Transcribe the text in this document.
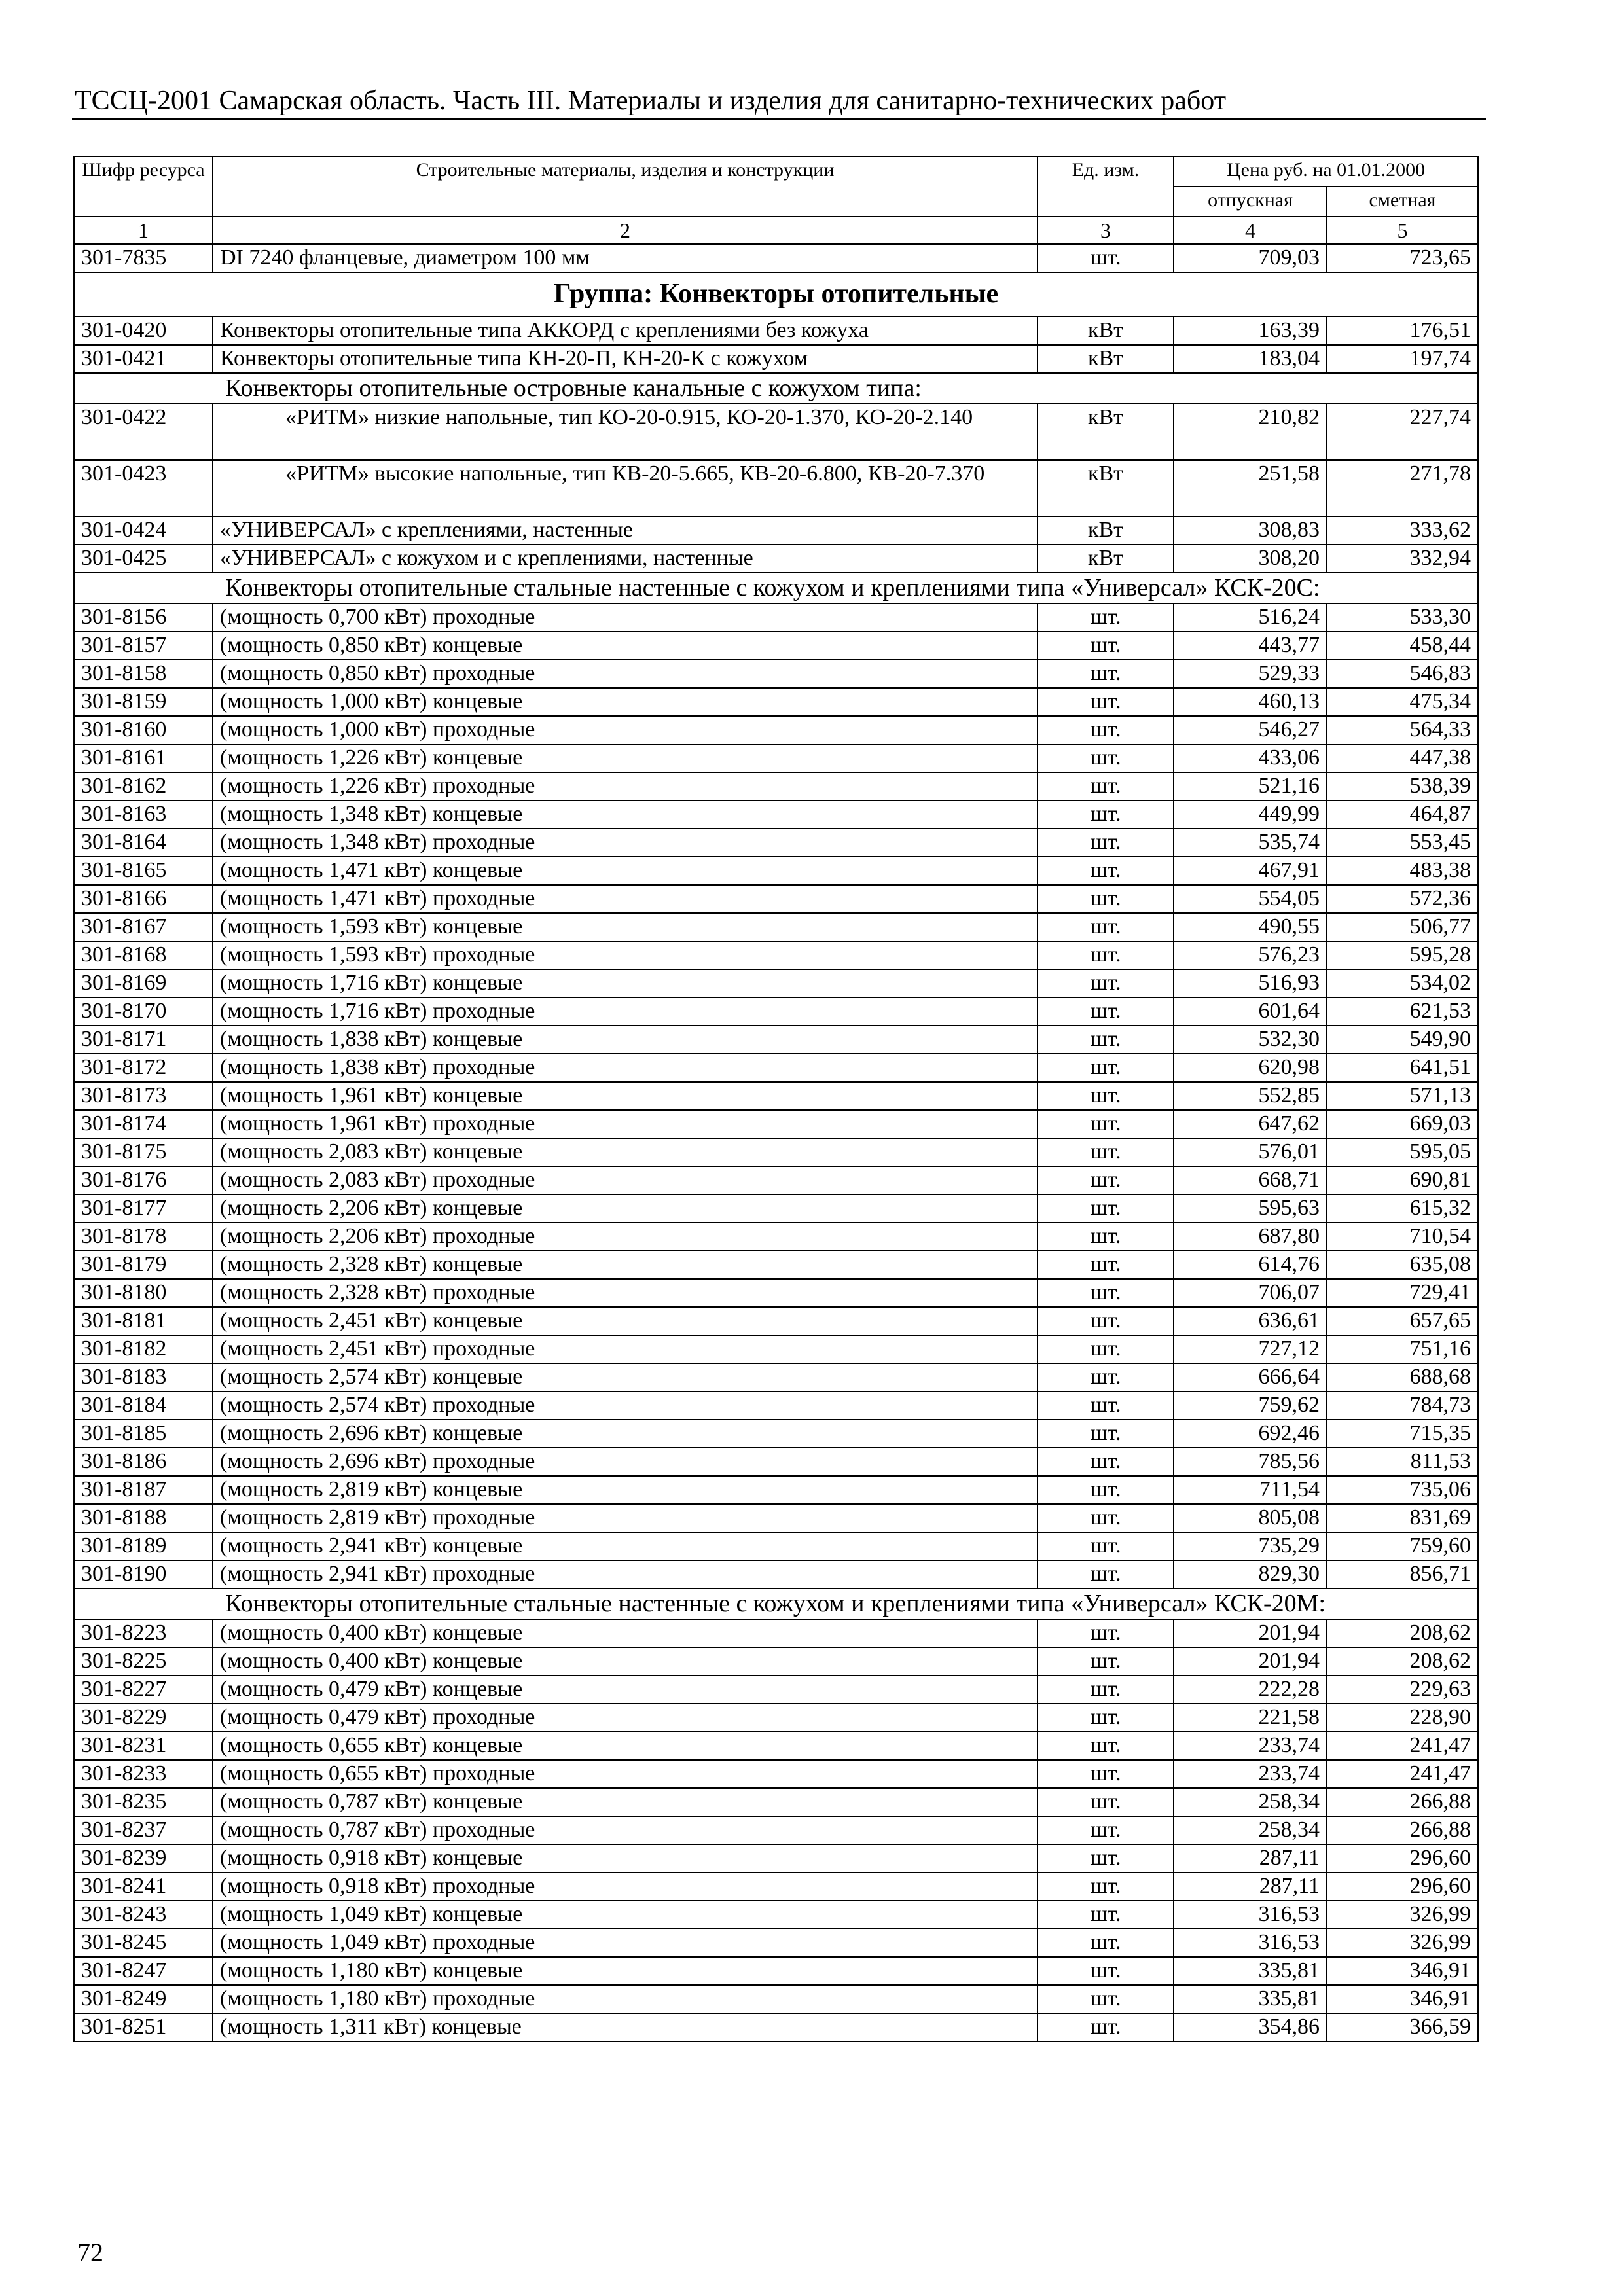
ТССЦ-2001 Самарская область. Часть III. Материалы и изделия для санитарно-технических работ
Шифр ресурса	Строительные материалы, изделия и конструкции	Ед. изм.	Цена руб. на 01.01.2000	
			отпускная	сметная
1	2	3	4	5
301-7835	DI 7240 фланцевые, диаметром 100 мм	шт.	709,03	723,65
Группа: Конвекторы отопительные				
301-0420	Конвекторы отопительные типа АККОРД с креплениями без кожуха	кВт	163,39	176,51
301-0421	Конвекторы отопительные типа КН-20-П, КН-20-К с кожухом	кВт	183,04	197,74
Конвекторы отопительные островные канальные с кожухом типа:				
301-0422	«РИТМ» низкие напольные, тип КО-20-0.915, КО-20-1.370, КО-20-2.140	кВт	210,82	227,74
301-0423	«РИТМ» высокие напольные, тип КВ-20-5.665, КВ-20-6.800, КВ-20-7.370	кВт	251,58	271,78
301-0424	«УНИВЕРСАЛ» с креплениями, настенные	кВт	308,83	333,62
301-0425	«УНИВЕРСАЛ» с кожухом и с креплениями, настенные	кВт	308,20	332,94
Конвекторы отопительные стальные настенные с кожухом и креплениями типа «Универсал» КСК-20С:				
301-8156	(мощность 0,700 кВт) проходные	шт.	516,24	533,30
301-8157	(мощность 0,850 кВт) концевые	шт.	443,77	458,44
301-8158	(мощность 0,850 кВт) проходные	шт.	529,33	546,83
301-8159	(мощность 1,000 кВт) концевые	шт.	460,13	475,34
301-8160	(мощность 1,000 кВт) проходные	шт.	546,27	564,33
301-8161	(мощность 1,226 кВт) концевые	шт.	433,06	447,38
301-8162	(мощность 1,226 кВт) проходные	шт.	521,16	538,39
301-8163	(мощность 1,348 кВт) концевые	шт.	449,99	464,87
301-8164	(мощность 1,348 кВт) проходные	шт.	535,74	553,45
301-8165	(мощность 1,471 кВт) концевые	шт.	467,91	483,38
301-8166	(мощность 1,471 кВт) проходные	шт.	554,05	572,36
301-8167	(мощность 1,593 кВт) концевые	шт.	490,55	506,77
301-8168	(мощность 1,593 кВт) проходные	шт.	576,23	595,28
301-8169	(мощность 1,716 кВт) концевые	шт.	516,93	534,02
301-8170	(мощность 1,716 кВт) проходные	шт.	601,64	621,53
301-8171	(мощность 1,838 кВт) концевые	шт.	532,30	549,90
301-8172	(мощность 1,838 кВт) проходные	шт.	620,98	641,51
301-8173	(мощность 1,961 кВт) концевые	шт.	552,85	571,13
301-8174	(мощность 1,961 кВт) проходные	шт.	647,62	669,03
301-8175	(мощность 2,083 кВт) концевые	шт.	576,01	595,05
301-8176	(мощность 2,083 кВт) проходные	шт.	668,71	690,81
301-8177	(мощность 2,206 кВт) концевые	шт.	595,63	615,32
301-8178	(мощность 2,206 кВт) проходные	шт.	687,80	710,54
301-8179	(мощность 2,328 кВт) концевые	шт.	614,76	635,08
301-8180	(мощность 2,328 кВт) проходные	шт.	706,07	729,41
301-8181	(мощность 2,451 кВт) концевые	шт.	636,61	657,65
301-8182	(мощность 2,451 кВт) проходные	шт.	727,12	751,16
301-8183	(мощность 2,574 кВт) концевые	шт.	666,64	688,68
301-8184	(мощность 2,574 кВт) проходные	шт.	759,62	784,73
301-8185	(мощность 2,696 кВт) концевые	шт.	692,46	715,35
301-8186	(мощность 2,696 кВт) проходные	шт.	785,56	811,53
301-8187	(мощность 2,819 кВт) концевые	шт.	711,54	735,06
301-8188	(мощность 2,819 кВт) проходные	шт.	805,08	831,69
301-8189	(мощность 2,941 кВт) концевые	шт.	735,29	759,60
301-8190	(мощность 2,941 кВт) проходные	шт.	829,30	856,71
Конвекторы отопительные стальные настенные с кожухом и креплениями типа «Универсал» КСК-20М:				
301-8223	(мощность 0,400 кВт) концевые	шт.	201,94	208,62
301-8225	(мощность 0,400 кВт) концевые	шт.	201,94	208,62
301-8227	(мощность 0,479 кВт) концевые	шт.	222,28	229,63
301-8229	(мощность 0,479 кВт) проходные	шт.	221,58	228,90
301-8231	(мощность 0,655 кВт) концевые	шт.	233,74	241,47
301-8233	(мощность 0,655 кВт) проходные	шт.	233,74	241,47
301-8235	(мощность 0,787 кВт) концевые	шт.	258,34	266,88
301-8237	(мощность 0,787 кВт) проходные	шт.	258,34	266,88
301-8239	(мощность 0,918 кВт) концевые	шт.	287,11	296,60
301-8241	(мощность 0,918 кВт) проходные	шт.	287,11	296,60
301-8243	(мощность 1,049 кВт) концевые	шт.	316,53	326,99
301-8245	(мощность 1,049 кВт) проходные	шт.	316,53	326,99
301-8247	(мощность 1,180 кВт) концевые	шт.	335,81	346,91
301-8249	(мощность 1,180 кВт) проходные	шт.	335,81	346,91
301-8251	(мощность 1,311 кВт) концевые	шт.	354,86	366,59
72
